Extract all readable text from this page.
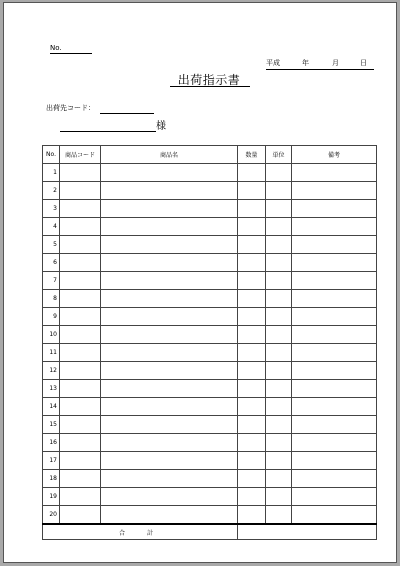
No.
平成	年	月	日
出荷指示書
出荷先コード：
様
No.	商品コード	商品名	数量	単位	備考
1					
2					
3					
4					
5					
6					
7					
8					
9					
10					
11					
12					
13					
14					
15					
16					
17					
18					
19					
20					
合　計					
